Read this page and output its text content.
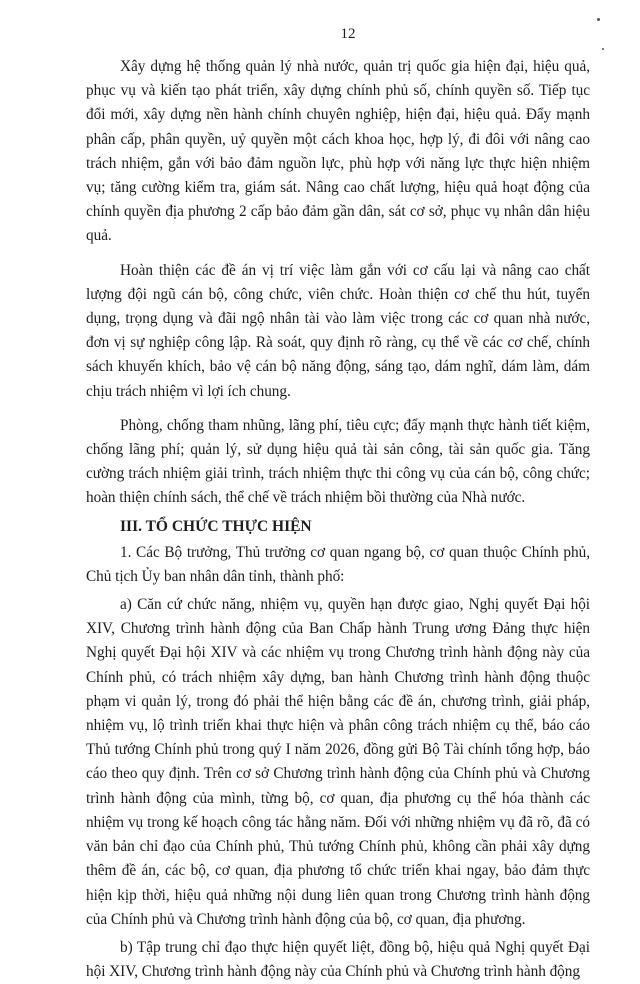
12

Xây dựng hệ thống quản lý nhà nước, quản trị quốc gia hiện đại, hiệu quả, phục vụ và kiến tạo phát triển, xây dựng chính phủ số, chính quyền số. Tiếp tục đổi mới, xây dựng nền hành chính chuyên nghiệp, hiện đại, hiệu quả. Đẩy mạnh phân cấp, phân quyền, uỷ quyền một cách khoa học, hợp lý, đi đôi với nâng cao trách nhiệm, gắn với bảo đảm nguồn lực, phù hợp với năng lực thực hiện nhiệm vụ; tăng cường kiểm tra, giám sát. Nâng cao chất lượng, hiệu quả hoạt động của chính quyền địa phương 2 cấp bảo đảm gần dân, sát cơ sở, phục vụ nhân dân hiệu quả.

Hoàn thiện các đề án vị trí việc làm gắn với cơ cấu lại và nâng cao chất lượng đội ngũ cán bộ, công chức, viên chức. Hoàn thiện cơ chế thu hút, tuyển dụng, trọng dụng và đãi ngộ nhân tài vào làm việc trong các cơ quan nhà nước, đơn vị sự nghiệp công lập. Rà soát, quy định rõ ràng, cụ thể về các cơ chế, chính sách khuyến khích, bảo vệ cán bộ năng động, sáng tạo, dám nghĩ, dám làm, dám chịu trách nhiệm vì lợi ích chung.

Phòng, chống tham nhũng, lãng phí, tiêu cực; đẩy mạnh thực hành tiết kiệm, chống lãng phí; quản lý, sử dụng hiệu quả tài sản công, tài sản quốc gia. Tăng cường trách nhiệm giải trình, trách nhiệm thực thi công vụ của cán bộ, công chức; hoàn thiện chính sách, thể chế về trách nhiệm bồi thường của Nhà nước.

III. TỔ CHỨC THỰC HIỆN

1. Các Bộ trưởng, Thủ trưởng cơ quan ngang bộ, cơ quan thuộc Chính phủ, Chủ tịch Ủy ban nhân dân tỉnh, thành phố:

a) Căn cứ chức năng, nhiệm vụ, quyền hạn được giao, Nghị quyết Đại hội XIV, Chương trình hành động của Ban Chấp hành Trung ương Đảng thực hiện Nghị quyết Đại hội XIV và các nhiệm vụ trong Chương trình hành động này của Chính phủ, có trách nhiệm xây dựng, ban hành Chương trình hành động thuộc phạm vi quản lý, trong đó phải thể hiện bằng các đề án, chương trình, giải pháp, nhiệm vụ, lộ trình triển khai thực hiện và phân công trách nhiệm cụ thể, báo cáo Thủ tướng Chính phủ trong quý I năm 2026, đồng gửi Bộ Tài chính tổng hợp, báo cáo theo quy định. Trên cơ sở Chương trình hành động của Chính phủ và Chương trình hành động của mình, từng bộ, cơ quan, địa phương cụ thể hóa thành các nhiệm vụ trong kế hoạch công tác hằng năm. Đối với những nhiệm vụ đã rõ, đã có văn bản chỉ đạo của Chính phủ, Thủ tướng Chính phủ, không cần phải xây dựng thêm đề án, các bộ, cơ quan, địa phương tổ chức triển khai ngay, bảo đảm thực hiện kịp thời, hiệu quả những nội dung liên quan trong Chương trình hành động của Chính phủ và Chương trình hành động của bộ, cơ quan, địa phương.

b) Tập trung chỉ đạo thực hiện quyết liệt, đồng bộ, hiệu quả Nghị quyết Đại hội XIV, Chương trình hành động này của Chính phủ và Chương trình hành động
